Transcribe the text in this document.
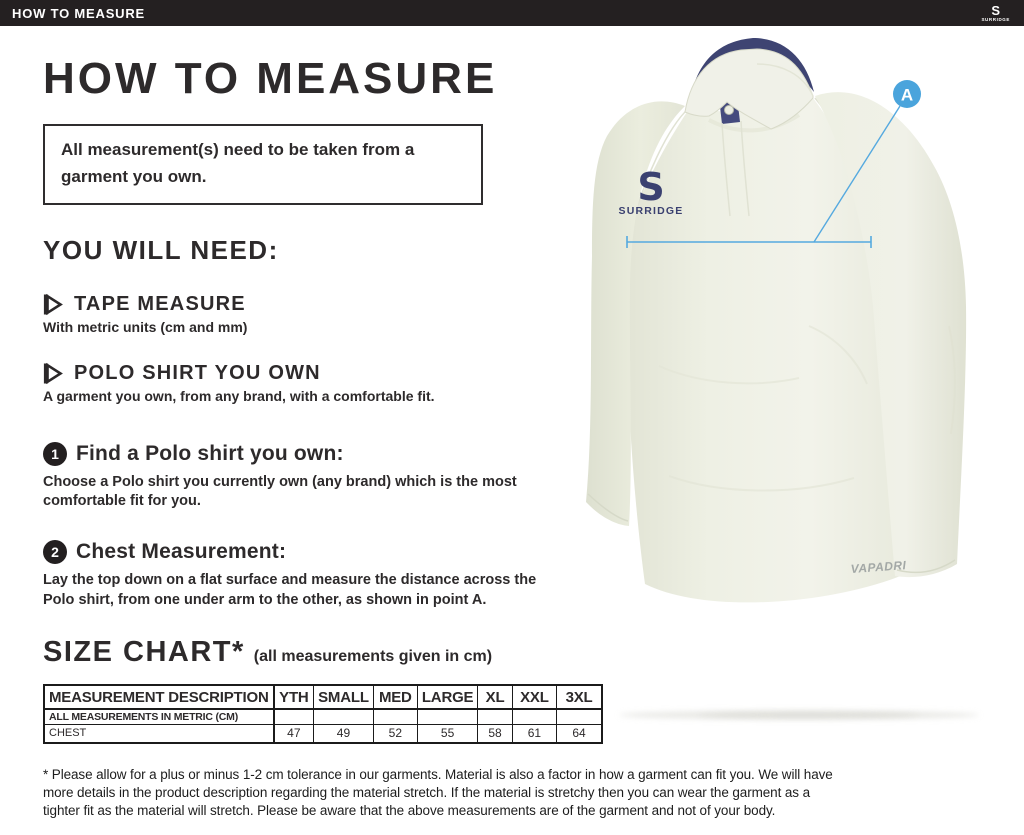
HOW TO MEASURE	S
SURRIDGE
HOW TO MEASURE

All measurement(s) need to be taken from a garment you own.

YOU WILL NEED:
TAPE MEASURE

With metric units (cm and mm)

POLO SHIRT YOU OWN

A garment you own, from any brand, with a comfortable fit.

1 Find a Polo shirt you own:

Choose a Polo shirt you currently own (any brand) which is the most comfortable fit for you.

2 Chest Measurement:

Lay the top down on a flat surface and measure the distance across the Polo shirt, from one under arm to the other, as shown in point A.

SIZE CHART* (all measurements given in cm)
MEASUREMENT DESCRIPTION	YTH	SMALL	MED	LARGE	XL	XXL	3XL
ALL MEASUREMENTS IN METRIC (CM)							
CHEST	47	49	52	55	58	61	64

* Please allow for a plus or minus 1-2 cm tolerance in our garments. Material is also a factor in how a garment can fit you. We will have more details in the product description regarding the material stretch. If the material is stretchy then you can wear the garment as a tighter fit as the material will stretch. Please be aware that the above measurements are of the garment and not of your body.

S
SURRIDGE
VAPADRI
A
